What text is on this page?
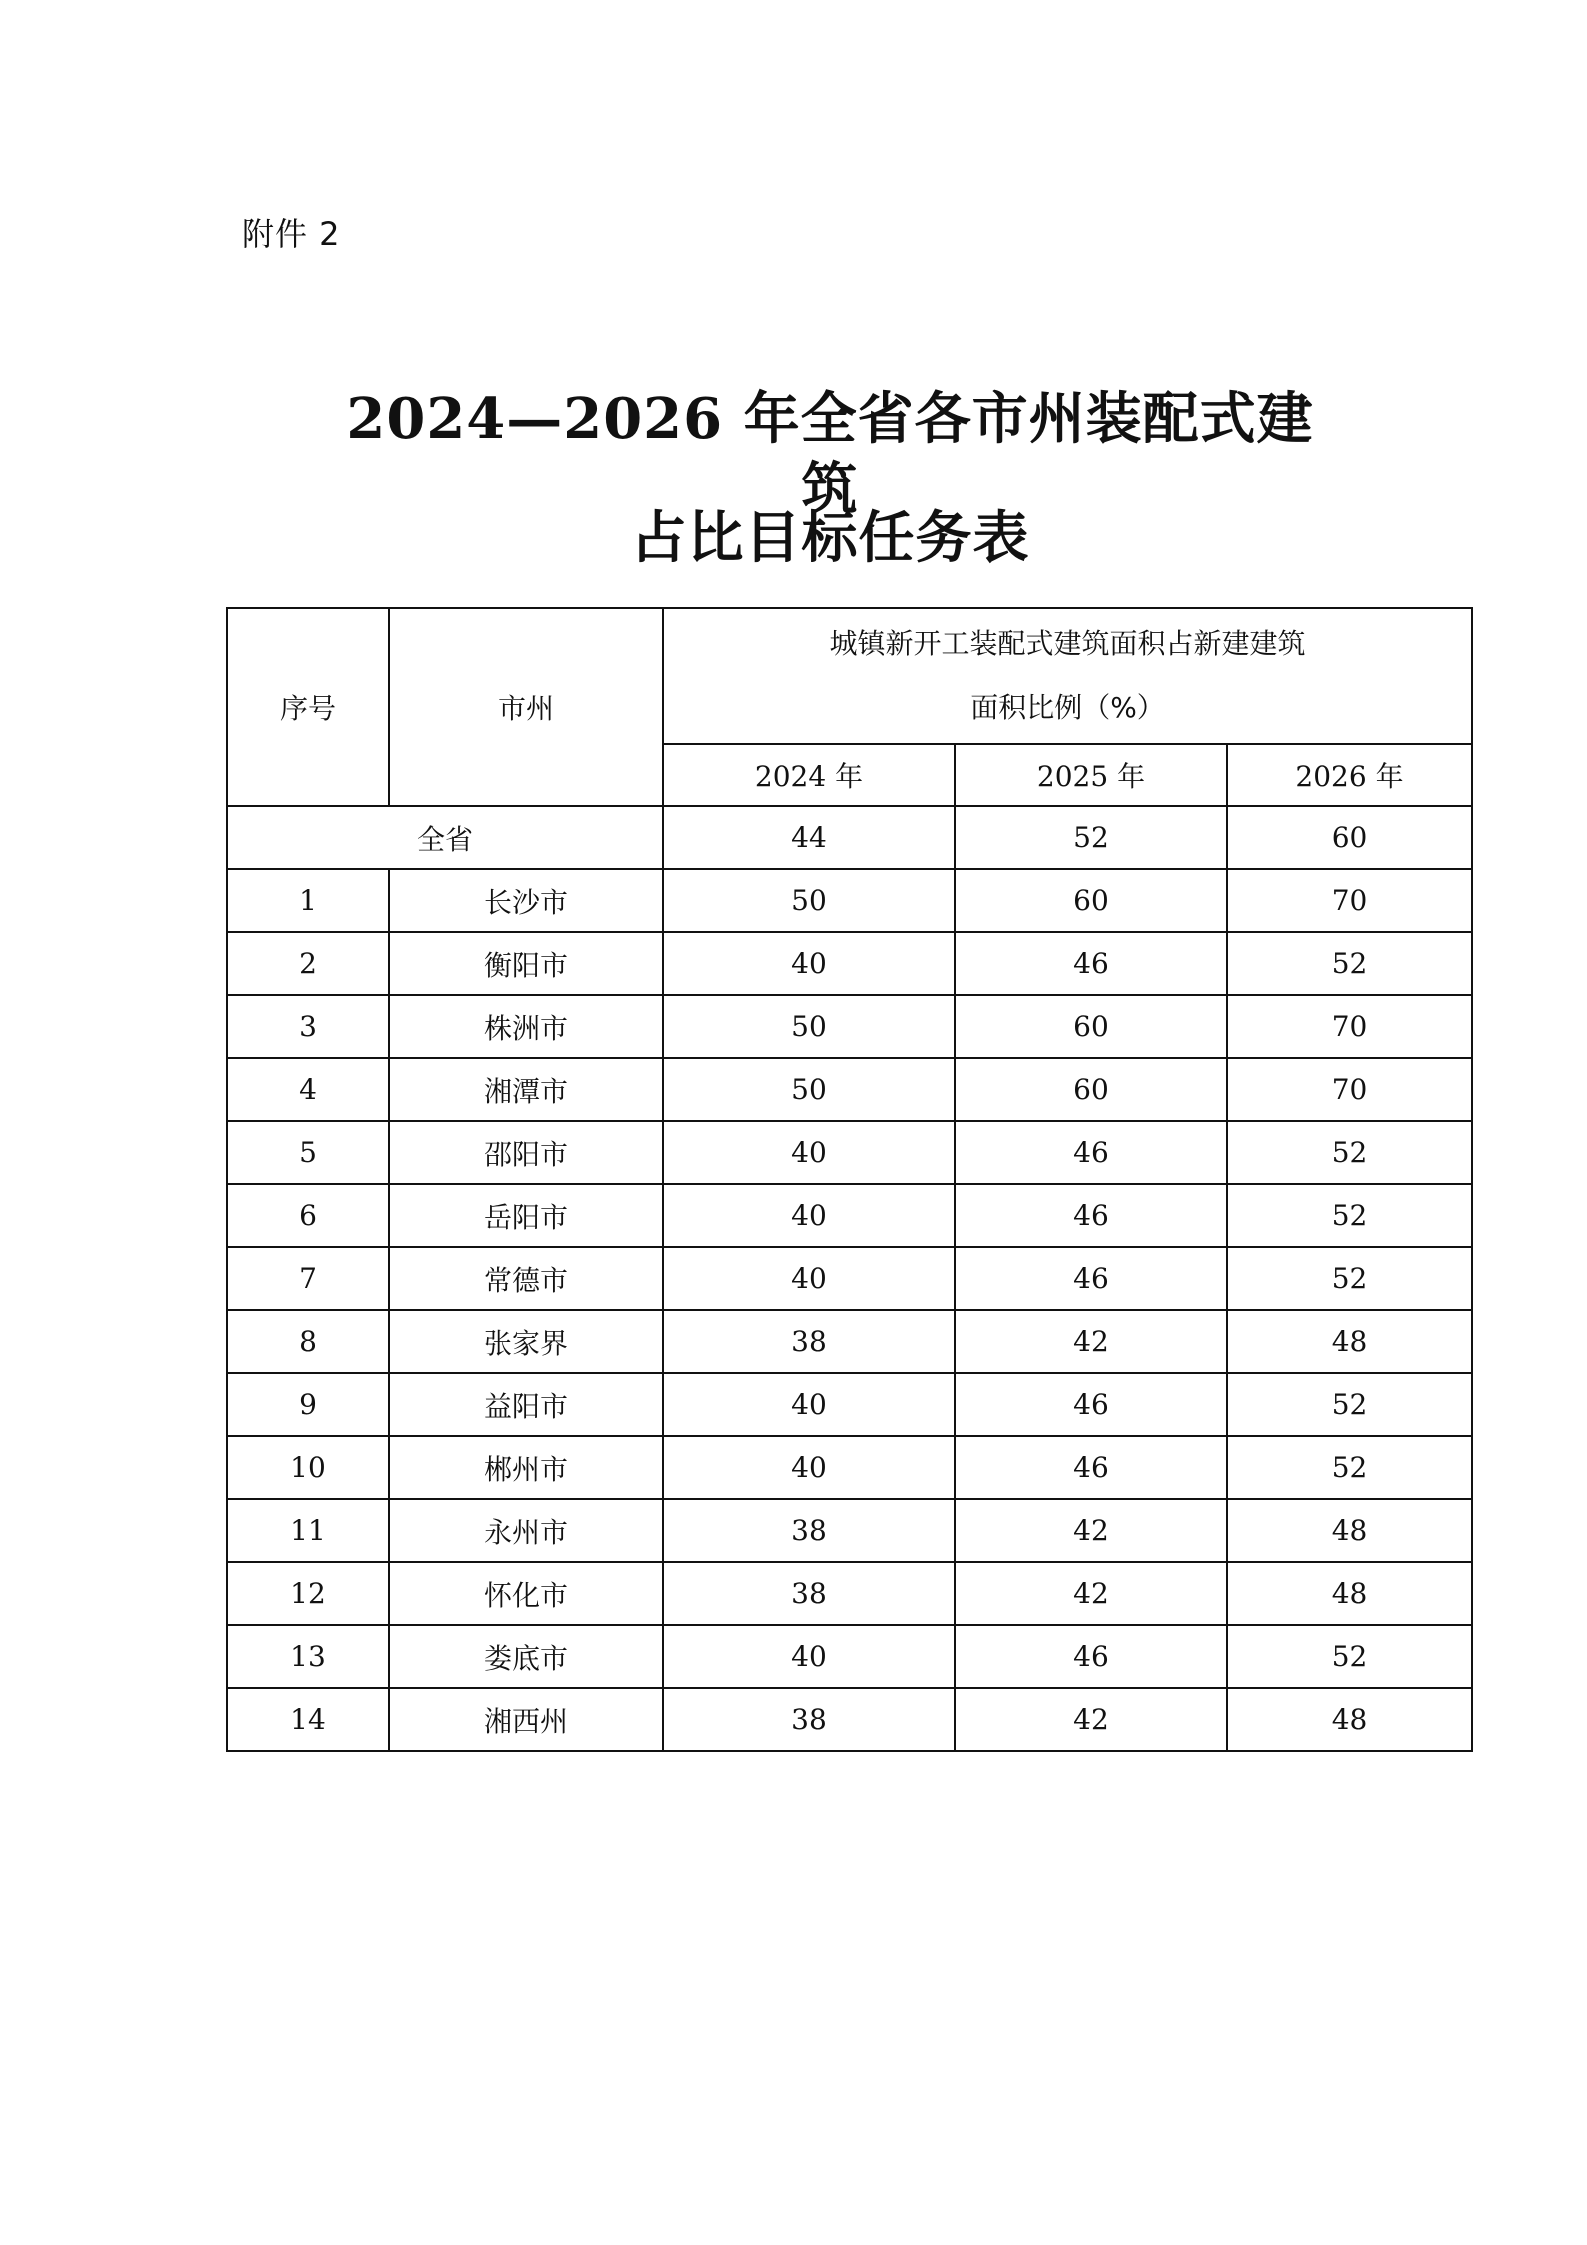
附件 2
2024—2026 年全省各市州装配式建筑
占比目标任务表
序号	市州	城镇新开工装配式建筑面积占新建建筑
面积比例（%）		

		2024 年	2025 年	2026 年
全省		44	52	60
1	长沙市	50	60	70
2	衡阳市	40	46	52
3	株洲市	50	60	70
4	湘潭市	50	60	70
5	邵阳市	40	46	52
6	岳阳市	40	46	52
7	常德市	40	46	52
8	张家界	38	42	48
9	益阳市	40	46	52
10	郴州市	40	46	52
11	永州市	38	42	48
12	怀化市	38	42	48
13	娄底市	40	46	52
14	湘西州	38	42	48
